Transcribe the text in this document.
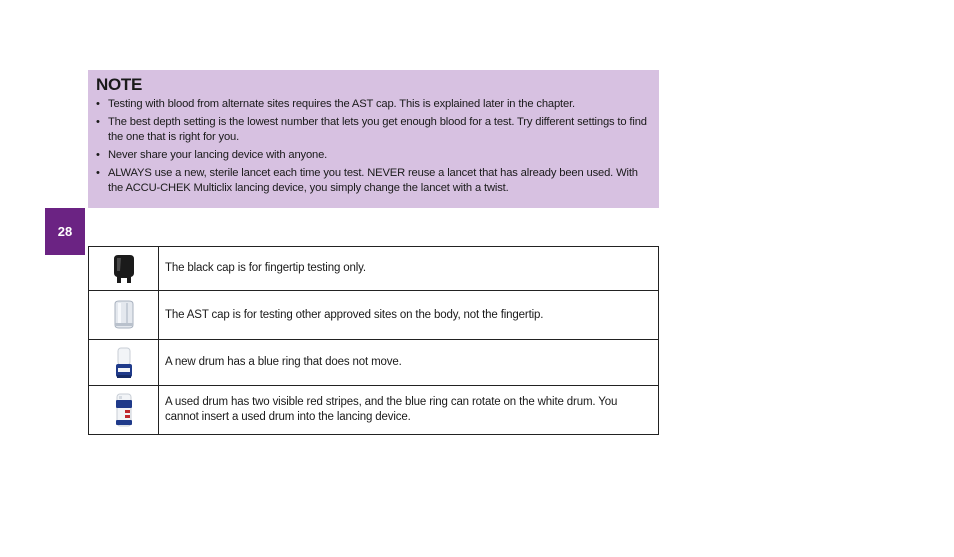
NOTE
• Testing with blood from alternate sites requires the AST cap. This is explained later in the chapter.
• The best depth setting is the lowest number that lets you get enough blood for a test. Try different settings to find the one that is right for you.
• Never share your lancing device with anyone.
• ALWAYS use a new, sterile lancet each time you test. NEVER reuse a lancet that has already been used. With the ACCU-CHEK Multiclix lancing device, you simply change the lancet with a twist.
28
	The black cap is for fingertip testing only.
	The AST cap is for testing other approved sites on the body, not the fingertip.
	A new drum has a blue ring that does not move.
	A used drum has two visible red stripes, and the blue ring can rotate on the white drum. You cannot insert a used drum into the lancing device.
